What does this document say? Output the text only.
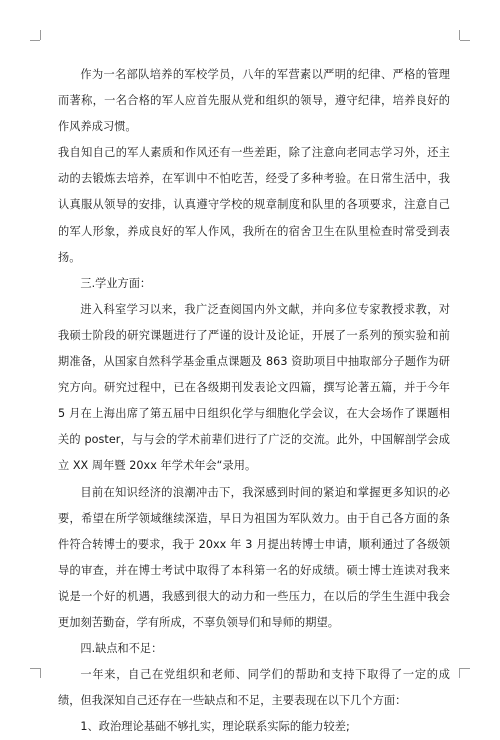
作为一名部队培养的军校学员，八年的军营素以严明的纪律、严格的管理而著称，一名合格的军人应首先服从党和组织的领导，遵守纪律，培养良好的作风养成习惯。

我自知自己的军人素质和作风还有一些差距，除了注意向老同志学习外，还主动的去锻炼去培养，在军训中不怕吃苦，经受了多种考验。在日常生活中，我认真服从领导的安排，认真遵守学校的规章制度和队里的各项要求，注意自己的军人形象，养成良好的军人作风，我所在的宿舍卫生在队里检查时常受到表扬。

三.学业方面：

进入科室学习以来，我广泛查阅国内外文献，并向多位专家教授求教，对我硕士阶段的研究课题进行了严谨的设计及论证，开展了一系列的预实验和前期准备，从国家自然科学基金重点课题及 863 资助项目中抽取部分子题作为研究方向。研究过程中，已在各级期刊发表论文四篇，撰写论著五篇，并于今年 5 月在上海出席了第五届中日组织化学与细胞化学会议，在大会场作了课题相关的 poster，与与会的学术前辈们进行了广泛的交流。此外，中国解剖学会成立 XX 周年暨 20xx 年学术年会“录用。

目前在知识经济的浪潮冲击下，我深感到时间的紧迫和掌握更多知识的必要，希望在所学领域继续深造，早日为祖国为军队效力。由于自己各方面的条件符合转博士的要求，我于 20xx 年 3 月提出转博士申请，顺利通过了各级领导的审查，并在博士考试中取得了本科第一名的好成绩。硕士博士连读对我来说是一个好的机遇，我感到很大的动力和一些压力，在以后的学生生涯中我会更加刻苦勤奋，学有所成，不辜负领导们和导师的期望。

四.缺点和不足：

一年来，自己在党组织和老师、同学们的帮助和支持下取得了一定的成绩，但我深知自己还存在一些缺点和不足，主要表现在以下几个方面：

1、政治理论基础不够扎实，理论联系实际的能力较差;
